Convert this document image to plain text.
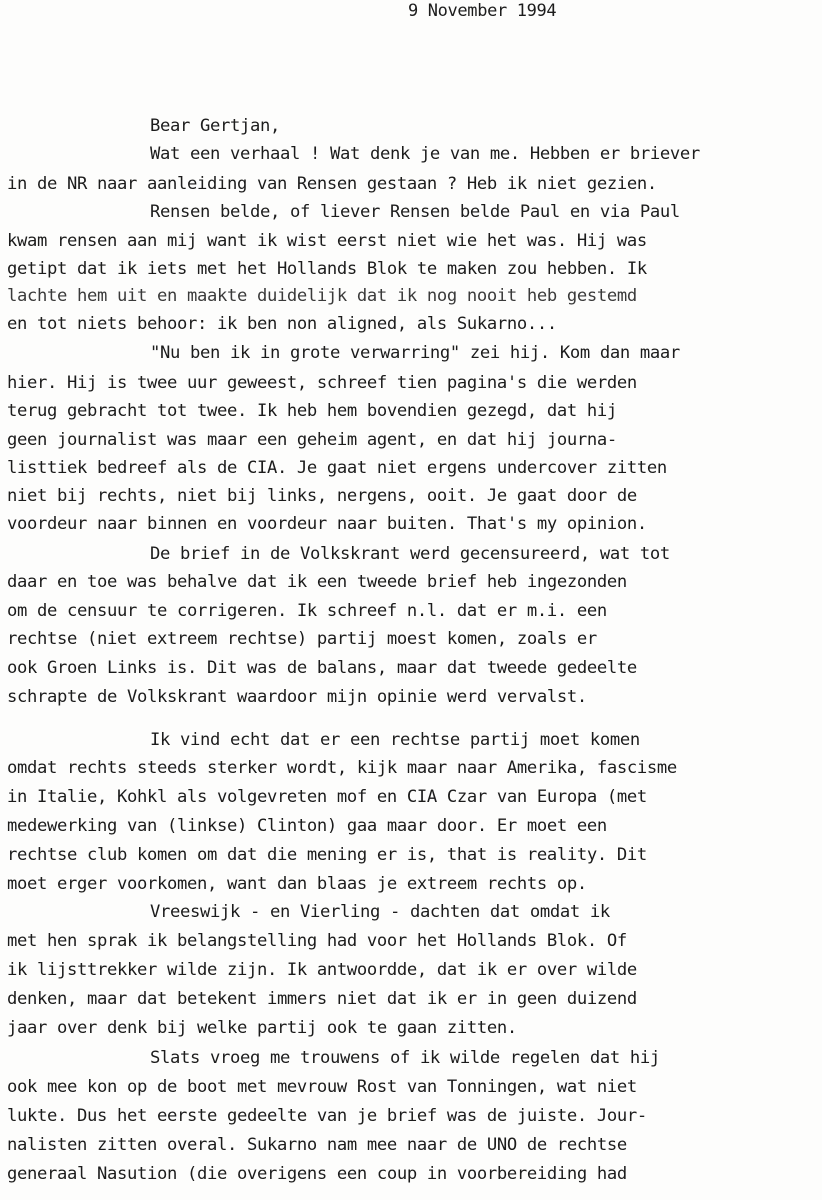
9 November 1994
Bear Gertjan,
Wat een verhaal ! Wat denk je van me. Hebben er briever
in de NR naar aanleiding van Rensen gestaan ? Heb ik niet gezien.
Rensen belde, of liever Rensen belde Paul en via Paul
kwam rensen aan mij want ik wist eerst niet wie het was. Hij was
getipt dat ik iets met het Hollands Blok te maken zou hebben. Ik
lachte hem uit en maakte duidelijk dat ik nog nooit heb gestemd
en tot niets behoor: ik ben non aligned, als Sukarno...
"Nu ben ik in grote verwarring" zei hij. Kom dan maar
hier. Hij is twee uur geweest, schreef tien pagina's die werden
terug gebracht tot twee. Ik heb hem bovendien gezegd, dat hij
geen journalist was maar een geheim agent, en dat hij journa-
listtiek bedreef als de CIA. Je gaat niet ergens undercover zitten
niet bij rechts, niet bij links, nergens, ooit. Je gaat door de
voordeur naar binnen en voordeur naar buiten. That's my opinion.
De brief in de Volkskrant werd gecensureerd, wat tot
daar en toe was behalve dat ik een tweede brief heb ingezonden
om de censuur te corrigeren. Ik schreef n.l. dat er m.i. een
rechtse (niet extreem rechtse) partij moest komen, zoals er
ook Groen Links is. Dit was de balans, maar dat tweede gedeelte
schrapte de Volkskrant waardoor mijn opinie werd vervalst.
Ik vind echt dat er een rechtse partij moet komen
omdat rechts steeds sterker wordt, kijk maar naar Amerika, fascisme
in Italie, Kohkl als volgevreten mof en CIA Czar van Europa (met
medewerking van (linkse) Clinton) gaa maar door. Er moet een
rechtse club komen om dat die mening er is, that is reality. Dit
moet erger voorkomen, want dan blaas je extreem rechts op.
Vreeswijk - en Vierling - dachten dat omdat ik
met hen sprak ik belangstelling had voor het Hollands Blok. Of
ik lijsttrekker wilde zijn. Ik antwoordde, dat ik er over wilde
denken, maar dat betekent immers niet dat ik er in geen duizend
jaar over denk bij welke partij ook te gaan zitten.
Slats vroeg me trouwens of ik wilde regelen dat hij
ook mee kon op de boot met mevrouw Rost van Tonningen, wat niet
lukte. Dus het eerste gedeelte van je brief was de juiste. Jour-
nalisten zitten overal. Sukarno nam mee naar de UNO de rechtse
generaal Nasution (die overigens een coup in voorbereiding had
